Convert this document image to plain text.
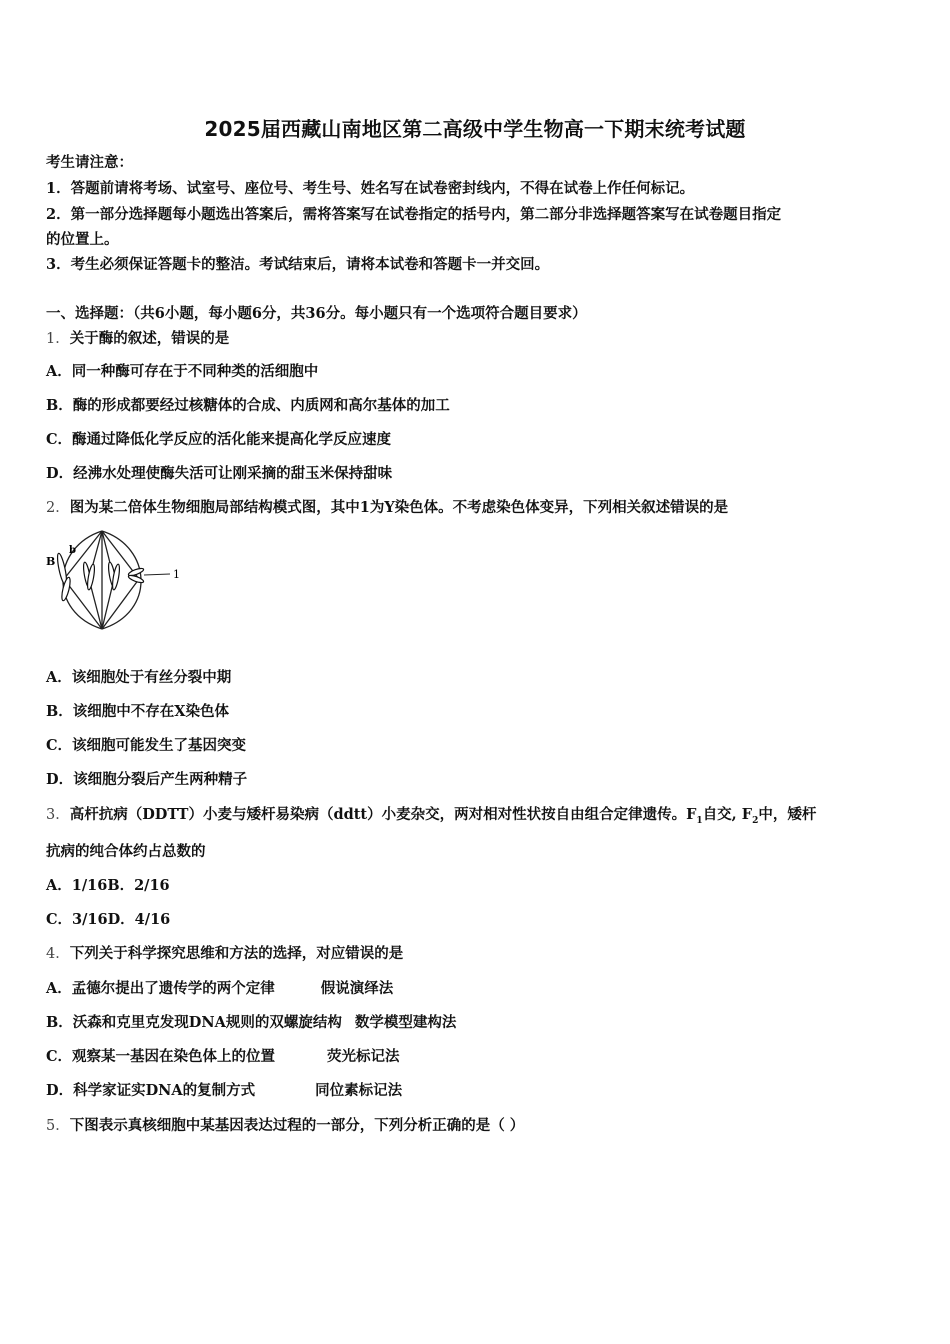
2025届西藏山南地区第二高级中学生物高一下期末统考试题
考生请注意：
1．答题前请将考场、试室号、座位号、考生号、姓名写在试卷密封线内，不得在试卷上作任何标记。
2．第一部分选择题每小题选出答案后，需将答案写在试卷指定的括号内，第二部分非选择题答案写在试卷题目指定
的位置上。
3．考生必须保证答题卡的整洁。考试结束后，请将本试卷和答题卡一并交回。
一、选择题：（共6小题，每小题6分，共36分。每小题只有一个选项符合题目要求）
1．关于酶的叙述，错误的是
A．同一种酶可存在于不同种类的活细胞中
B．酶的形成都要经过核糖体的合成、内质网和高尔基体的加工
C．酶通过降低化学反应的活化能来提高化学反应速度
D．经沸水处理使酶失活可让刚采摘的甜玉米保持甜味
2．图为某二倍体生物细胞局部结构模式图，其中1为Y染色体。不考虑染色体变异，下列相关叙述错误的是
B
b
1
A．该细胞处于有丝分裂中期
B．该细胞中不存在X染色体
C．该细胞可能发生了基因突变
D．该细胞分裂后产生两种精子
3．高杆抗病（DDTT）小麦与矮杆易染病（ddtt）小麦杂交，两对相对性状按自由组合定律遗传。$F_1$自交, $F_2$中，矮杆
抗病的纯合体约占总数的
A．1/16B．2/16
C．3/16D．4/16
4．下列关于科学探究思维和方法的选择，对应错误的是
A．孟德尔提出了遗传学的两个定律	假说演绎法
B．沃森和克里克发现DNA规则的双螺旋结构 数学模型建构法
C．观察某一基因在染色体上的位置	荧光标记法
D．科学家证实DNA的复制方式	同位素标记法
5．下图表示真核细胞中某基因表达过程的一部分，下列分析正确的是（ ）
